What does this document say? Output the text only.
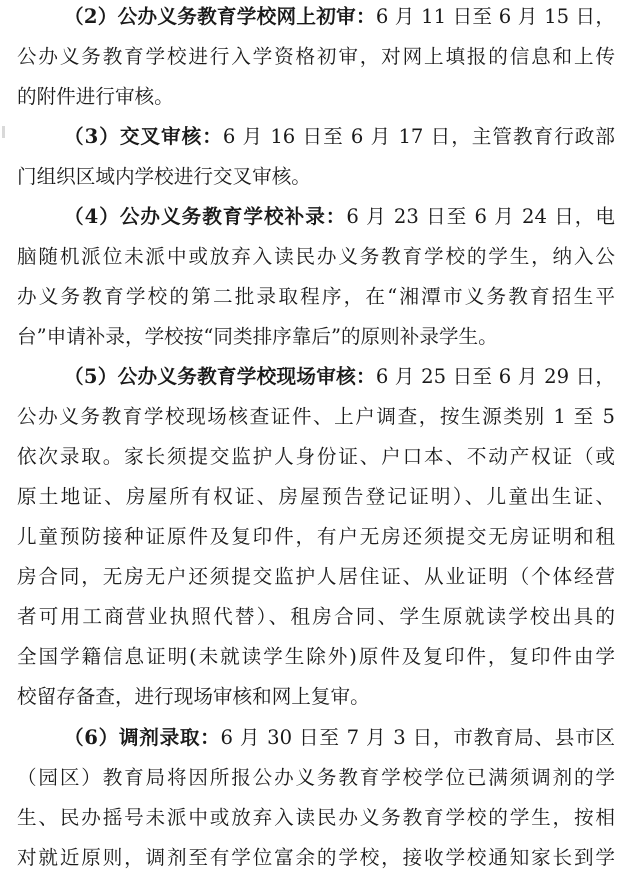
（2）公办义务教育学校网上初审：6 月 11 日至 6 月 15 日，
公办义务教育学校进行入学资格初审，对网上填报的信息和上传
的附件进行审核。
（3）交叉审核：6 月 16 日至 6 月 17 日，主管教育行政部
门组织区域内学校进行交叉审核。
（4）公办义务教育学校补录：6 月 23 日至 6 月 24 日，电
脑随机派位未派中或放弃入读民办义务教育学校的学生，纳入公
办义务教育学校的第二批录取程序，在“湘潭市义务教育招生平
台”申请补录，学校按“同类排序靠后”的原则补录学生。
（5）公办义务教育学校现场审核：6 月 25 日至 6 月 29 日，
公办义务教育学校现场核查证件、上户调查，按生源类别 1 至 5
依次录取。家长须提交监护人身份证、户口本、不动产权证（或
原土地证、房屋所有权证、房屋预告登记证明）、儿童出生证、
儿童预防接种证原件及复印件，有户无房还须提交无房证明和租
房合同，无房无户还须提交监护人居住证、从业证明（个体经营
者可用工商营业执照代替）、租房合同、学生原就读学校出具的
全国学籍信息证明(未就读学生除外)原件及复印件，复印件由学
校留存备查，进行现场审核和网上复审。
（6）调剂录取：6 月 30 日至 7 月 3 日，市教育局、县市区
（园区）教育局将因所报公办义务教育学校学位已满须调剂的学
生、民办摇号未派中或放弃入读民办义务教育学校的学生，按相
对就近原则，调剂至有学位富余的学校，接收学校通知家长到学
